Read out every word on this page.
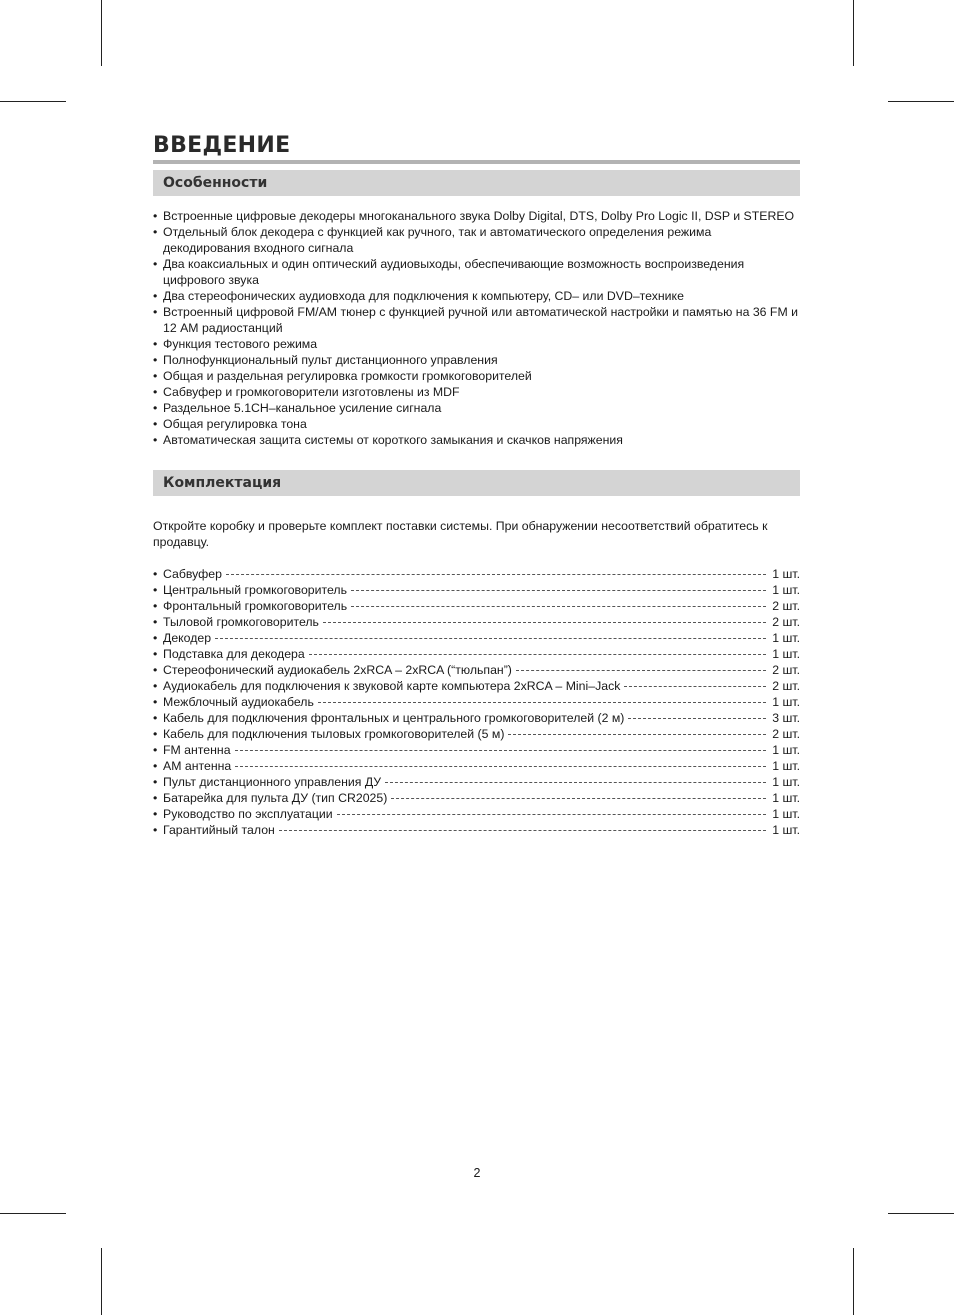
ВВЕДЕНИЕ
Особенности
• Встроенные цифровые декодеры многоканального звука Dolby Digital, DTS, Dolby Pro Logic II, DSP и STEREO
• Отдельный блок декодера с функцией как ручного, так и автоматического определения режима декодирования входного сигнала
• Два коаксиальных и один оптический аудиовыходы, обеспечивающие возможность воспроизведения цифрового звука
• Два стереофонических аудиовхода для подключения к компьютеру, CD– или DVD–технике
• Встроенный цифровой FM/AM тюнер с функцией ручной или автоматической настройки и памятью на 36 FM и 12 AM радиостанций
• Функция тестового режима
• Полнофункциональный пульт дистанционного управления
• Общая и раздельная регулировка громкости громкоговорителей
• Сабвуфер и громкоговорители изготовлены из MDF
• Раздельное 5.1CH–канальное усиление сигнала
• Общая регулировка тона
• Автоматическая защита системы от короткого замыкания и скачков напряжения
Комплектация

Откройте коробку и проверьте комплект поставки системы. При обнаружении несоответствий обратитесь к продавцу.

• Сабвуфер	1 шт.
• Центральный громкоговоритель	1 шт.
• Фронтальный громкоговоритель	2 шт.
• Тыловой громкоговоритель	2 шт.
• Декодер	1 шт.
• Подставка для декодера	1 шт.
• Стереофонический аудиокабель 2xRCA – 2xRCA (“тюльпан”)	2 шт.
• Аудиокабель для подключения к звуковой карте компьютера 2xRCA – Mini–Jack	2 шт.
• Межблочный аудиокабель	1 шт.
• Кабель для подключения фронтальных и центрального громкоговорителей (2 м)	3 шт.
• Кабель для подключения тыловых громкоговорителей (5 м)	2 шт.
• FM антенна	1 шт.
• AM антенна	1 шт.
• Пульт дистанционного управления ДУ	1 шт.
• Батарейка для пульта ДУ (тип CR2025)	1 шт.
• Руководство по эксплуатации	1 шт.
• Гарантийный талон	1 шт.
2
